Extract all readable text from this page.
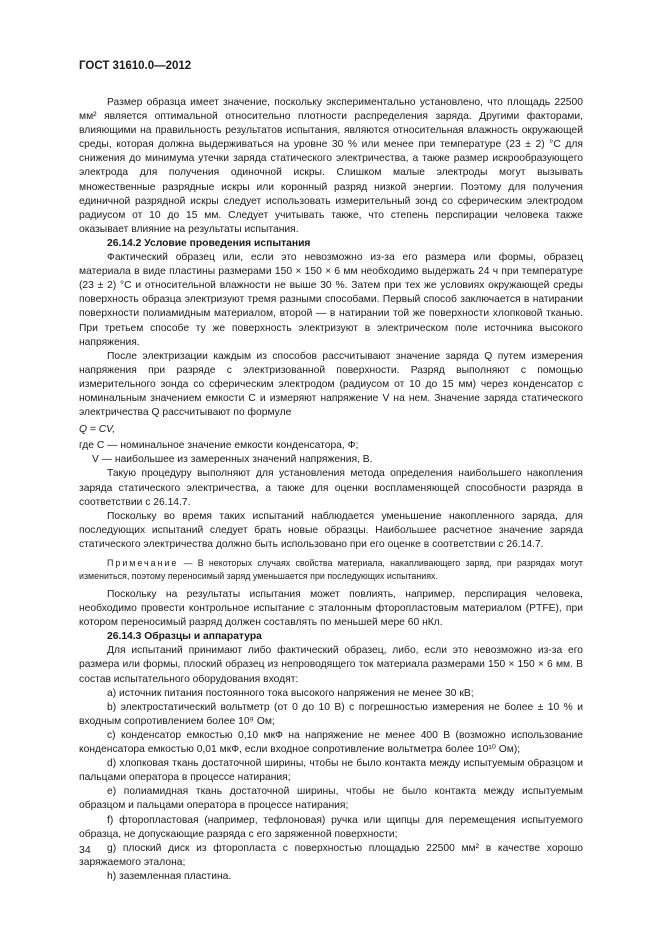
ГОСТ 31610.0—2012

Размер образца имеет значение, поскольку экспериментально установлено, что площадь 22500 мм² является оптимальной относительно плотности распределения заряда. Другими факторами, влияющими на правильность результатов испытания, являются относительная влажность окружающей среды, которая должна выдерживаться на уровне 30 % или менее при температуре (23 ± 2) °С для снижения до минимума утечки заряда статического электричества, а также размер искрообразующего электрода для получения одиночной искры. Слишком малые электроды могут вызывать множественные разрядные искры или коронный разряд низкой энергии. Поэтому для получения единичной разрядной искры следует использовать измерительный зонд со сферическим электродом радиусом от 10 до 15 мм. Следует учитывать также, что степень перспирации человека также оказывает влияние на результаты испытания.

26.14.2 Условие проведения испытания

Фактический образец или, если это невозможно из-за его размера или формы, образец материала в виде пластины размерами 150 × 150 × 6 мм необходимо выдержать 24 ч при температуре (23 ± 2) °С и относительной влажности не выше 30 %. Затем при тех же условиях окружающей среды поверхность образца электризуют тремя разными способами. Первый способ заключается в натирании поверхности полиамидным материалом, второй — в натирании той же поверхности хлопковой тканью. При третьем способе ту же поверхность электризуют в электрическом поле источника высокого напряжения.

После электризации каждым из способов рассчитывают значение заряда Q путем измерения напряжения при разряде с электризованной поверхности. Разряд выполняют с помощью измерительного зонда со сферическим электродом (радиусом от 10 до 15 мм) через конденсатор с номинальным значением емкости C и измеряют напряжение V на нем. Значение заряда статического электричества Q рассчитывают по формуле

Q = CV,

где C — номинальное значение емкости конденсатора, Ф;

V — наибольшее из замеренных значений напряжения, В.

Такую процедуру выполняют для установления метода определения наибольшего накопления заряда статического электричества, а также для оценки воспламеняющей способности разряда в соответствии с 26.14.7.

Поскольку во время таких испытаний наблюдается уменьшение накопленного заряда, для последующих испытаний следует брать новые образцы. Наибольшее расчетное значение заряда статического электричества должно быть использовано при его оценке в соответствии с 26.14.7.

Примечание — В некоторых случаях свойства материала, накапливающего заряд, при разрядах могут измениться, поэтому переносимый заряд уменьшается при последующих испытаниях.

Поскольку на результаты испытания может повлиять, например, перспирация человека, необходимо провести контрольное испытание с эталонным фторопластовым материалом (PTFE), при котором переносимый разряд должен составлять по меньшей мере 60 нКл.

26.14.3 Образцы и аппаратура

Для испытаний принимают либо фактический образец, либо, если это невозможно из-за его размера или формы, плоский образец из непроводящего ток материала размерами 150 × 150 × 6 мм. В состав испытательного оборудования входят:

a) источник питания постоянного тока высокого напряжения не менее 30 кВ;

b) электростатический вольтметр (от 0 до 10 В) с погрешностью измерения не более ± 10 % и входным сопротивлением более 10⁹ Ом;

c) конденсатор емкостью 0,10 мкФ на напряжение не менее 400 В (возможно использование конденсатора емкостью 0,01 мкФ, если входное сопротивление вольтметра более 10¹⁰ Ом);

d) хлопковая ткань достаточной ширины, чтобы не было контакта между испытуемым образцом и пальцами оператора в процессе натирания;

e) полиамидная ткань достаточной ширины, чтобы не было контакта между испытуемым образцом и пальцами оператора в процессе натирания;

f) фторопластовая (например, тефлоновая) ручка или щипцы для перемещения испытуемого образца, не допускающие разряда с его заряженной поверхности;

g) плоский диск из фторопласта с поверхностью площадью 22500 мм² в качестве хорошо заряжаемого эталона;

h) заземленная пластина.

34
